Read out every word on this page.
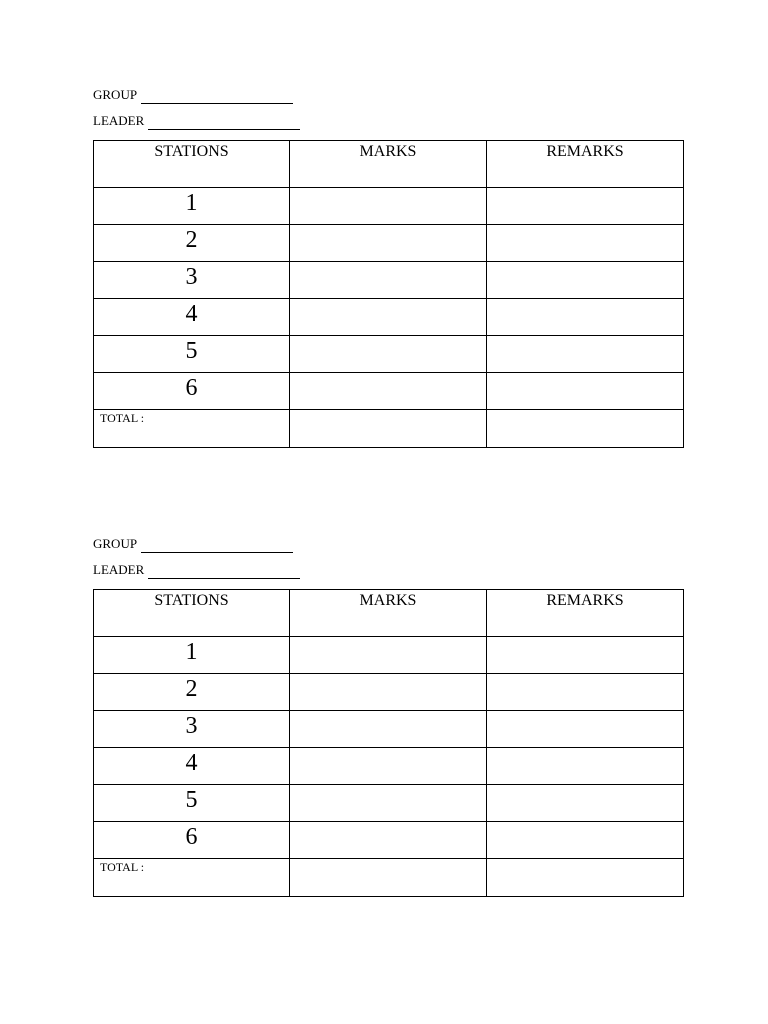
GROUP
LEADER
STATIONS	MARKS	REMARKS
1		
2		
3		
4		
5		
6		
TOTAL :		
GROUP
LEADER
STATIONS	MARKS	REMARKS
1		
2		
3		
4		
5		
6		
TOTAL :		
